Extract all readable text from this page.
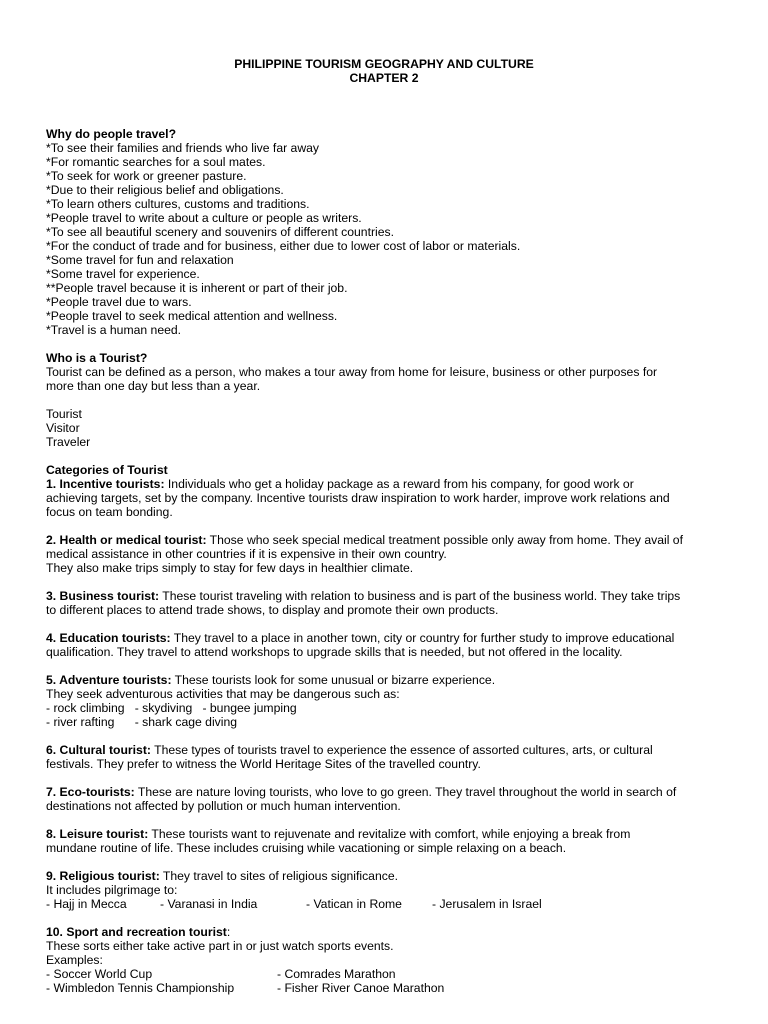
PHILIPPINE TOURISM GEOGRAPHY AND CULTURE
CHAPTER 2
Why do people travel?
*To see their families and friends who live far away
*For romantic searches for a soul mates.
*To seek for work or greener pasture.
*Due to their religious belief and obligations.
*To learn others cultures, customs and traditions.
*People travel to write about a culture or people as writers.
*To see all beautiful scenery and souvenirs of different countries.
*For the conduct of trade and for business, either due to lower cost of labor or materials.
*Some travel for fun and relaxation
*Some travel for experience.
**People travel because it is inherent or part of their job.
*People travel due to wars.
*People travel to seek medical attention and wellness.
*Travel is a human need.
Who is a Tourist?
Tourist can be defined as a person, who makes a tour away from home for leisure, business or other purposes for
more than one day but less than a year.
Tourist
Visitor
Traveler
Categories of Tourist
1. Incentive tourists: Individuals who get a holiday package as a reward from his company, for good work or
achieving targets, set by the company. Incentive tourists draw inspiration to work harder, improve work relations and
focus on team bonding.
2. Health or medical tourist: Those who seek special medical treatment possible only away from home. They avail of
medical assistance in other countries if it is expensive in their own country.
They also make trips simply to stay for few days in healthier climate.
3. Business tourist: These tourist traveling with relation to business and is part of the business world. They take trips
to different places to attend trade shows, to display and promote their own products.
4. Education tourists: They travel to a place in another town, city or country for further study to improve educational
qualification. They travel to attend workshops to upgrade skills that is needed, but not offered in the locality.
5. Adventure tourists: These tourists look for some unusual or bizarre experience.
They seek adventurous activities that may be dangerous such as:
- rock climbing   - skydiving   - bungee jumping
- river rafting      - shark cage diving
6. Cultural tourist: These types of tourists travel to experience the essence of assorted cultures, arts, or cultural
festivals. They prefer to witness the World Heritage Sites of the travelled country.
7. Eco-tourists: These are nature loving tourists, who love to go green. They travel throughout the world in search of
destinations not affected by pollution or much human intervention.
8. Leisure tourist: These tourists want to rejuvenate and revitalize with comfort, while enjoying a break from
mundane routine of life. These includes cruising while vacationing or simple relaxing on a beach.
9. Religious tourist: They travel to sites of religious significance.
It includes pilgrimage to:
- Hajj in Mecca	- Varanasi in India	- Vatican in Rome	- Jerusalem in Israel
10. Sport and recreation tourist:
These sorts either take active part in or just watch sports events.
Examples:
- Soccer World Cup	- Comrades Marathon
- Wimbledon Tennis Championship	- Fisher River Canoe Marathon
